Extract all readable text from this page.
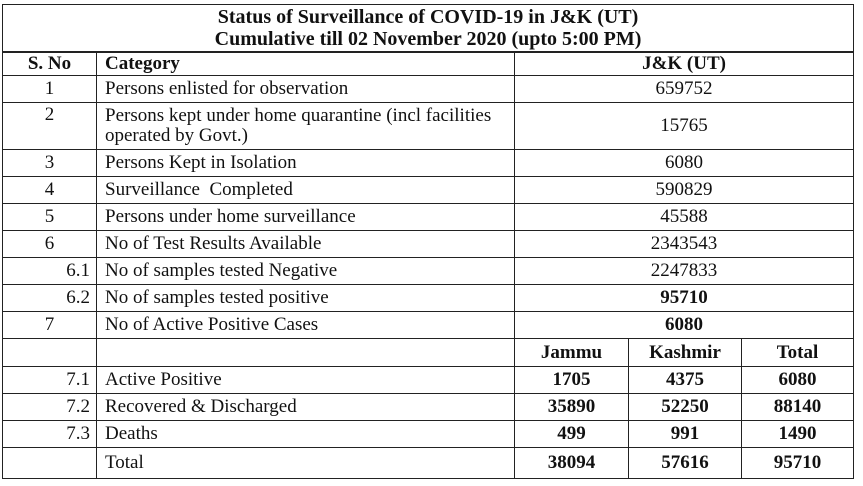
Status of Surveillance of COVID-19 in J&K (UT)
Cumulative till 02 November 2020 (upto 5:00 PM)				

S. No	Category	J&K (UT)		
1	Persons enlisted for observation	659752		
2	Persons kept under home quarantine (incl facilities operated by Govt.)	15765		
3	Persons Kept in Isolation	6080		
4	Surveillance  Completed	590829		
5	Persons under home surveillance	45588		
6	No of Test Results Available	2343543		
6.1	No of samples tested Negative	2247833		
6.2	No of samples tested positive	95710		
7	No of Active Positive Cases	6080		
		Jammu	Kashmir	Total
7.1	Active Positive	1705	4375	6080
7.2	Recovered & Discharged	35890	52250	88140
7.3	Deaths	499	991	1490
	Total	38094	57616	95710
